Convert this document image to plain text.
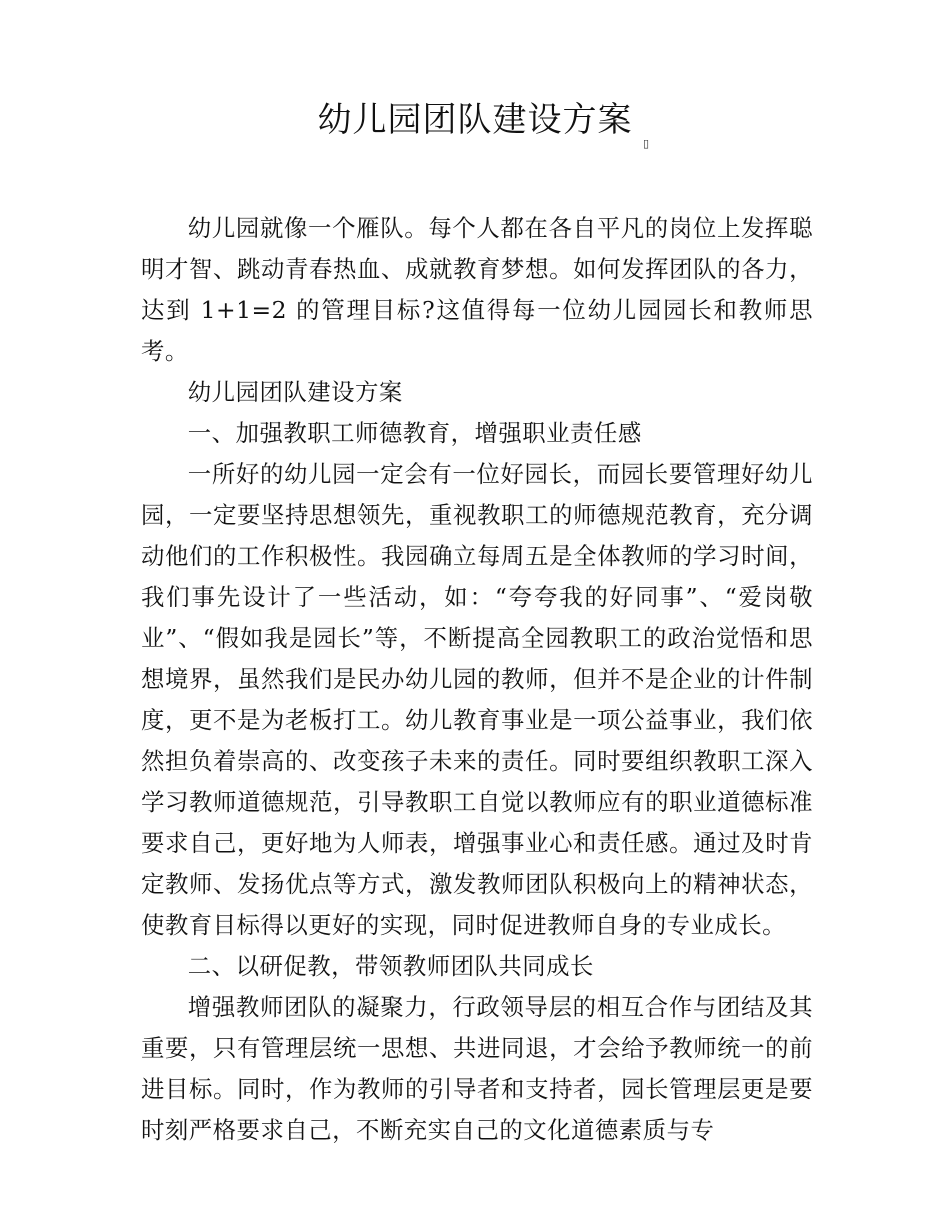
幼儿园团队建设方案
▯

幼儿园就像一个雁队。每个人都在各自平凡的岗位上发挥聪明才智、跳动青春热血、成就教育梦想。如何发挥团队的各力，达到 1+1=2 的管理目标?这值得每一位幼儿园园长和教师思考。

幼儿园团队建设方案

一、加强教职工师德教育，增强职业责任感

一所好的幼儿园一定会有一位好园长，而园长要管理好幼儿园，一定要坚持思想领先，重视教职工的师德规范教育，充分调动他们的工作积极性。我园确立每周五是全体教师的学习时间，我们事先设计了一些活动，如：“夸夸我的好同事”、“爱岗敬业”、“假如我是园长”等，不断提高全园教职工的政治觉悟和思想境界，虽然我们是民办幼儿园的教师，但并不是企业的计件制度，更不是为老板打工。幼儿教育事业是一项公益事业，我们依然担负着崇高的、改变孩子未来的责任。同时要组织教职工深入学习教师道德规范，引导教职工自觉以教师应有的职业道德标准要求自己，更好地为人师表，增强事业心和责任感。通过及时肯定教师、发扬优点等方式，激发教师团队积极向上的精神状态，使教育目标得以更好的实现，同时促进教师自身的专业成长。

二、以研促教，带领教师团队共同成长

增强教师团队的凝聚力，行政领导层的相互合作与团结及其重要，只有管理层统一思想、共进同退，才会给予教师统一的前进目标。同时，作为教师的引导者和支持者，园长管理层更是要时刻严格要求自己，不断充实自己的文化道德素质与专
